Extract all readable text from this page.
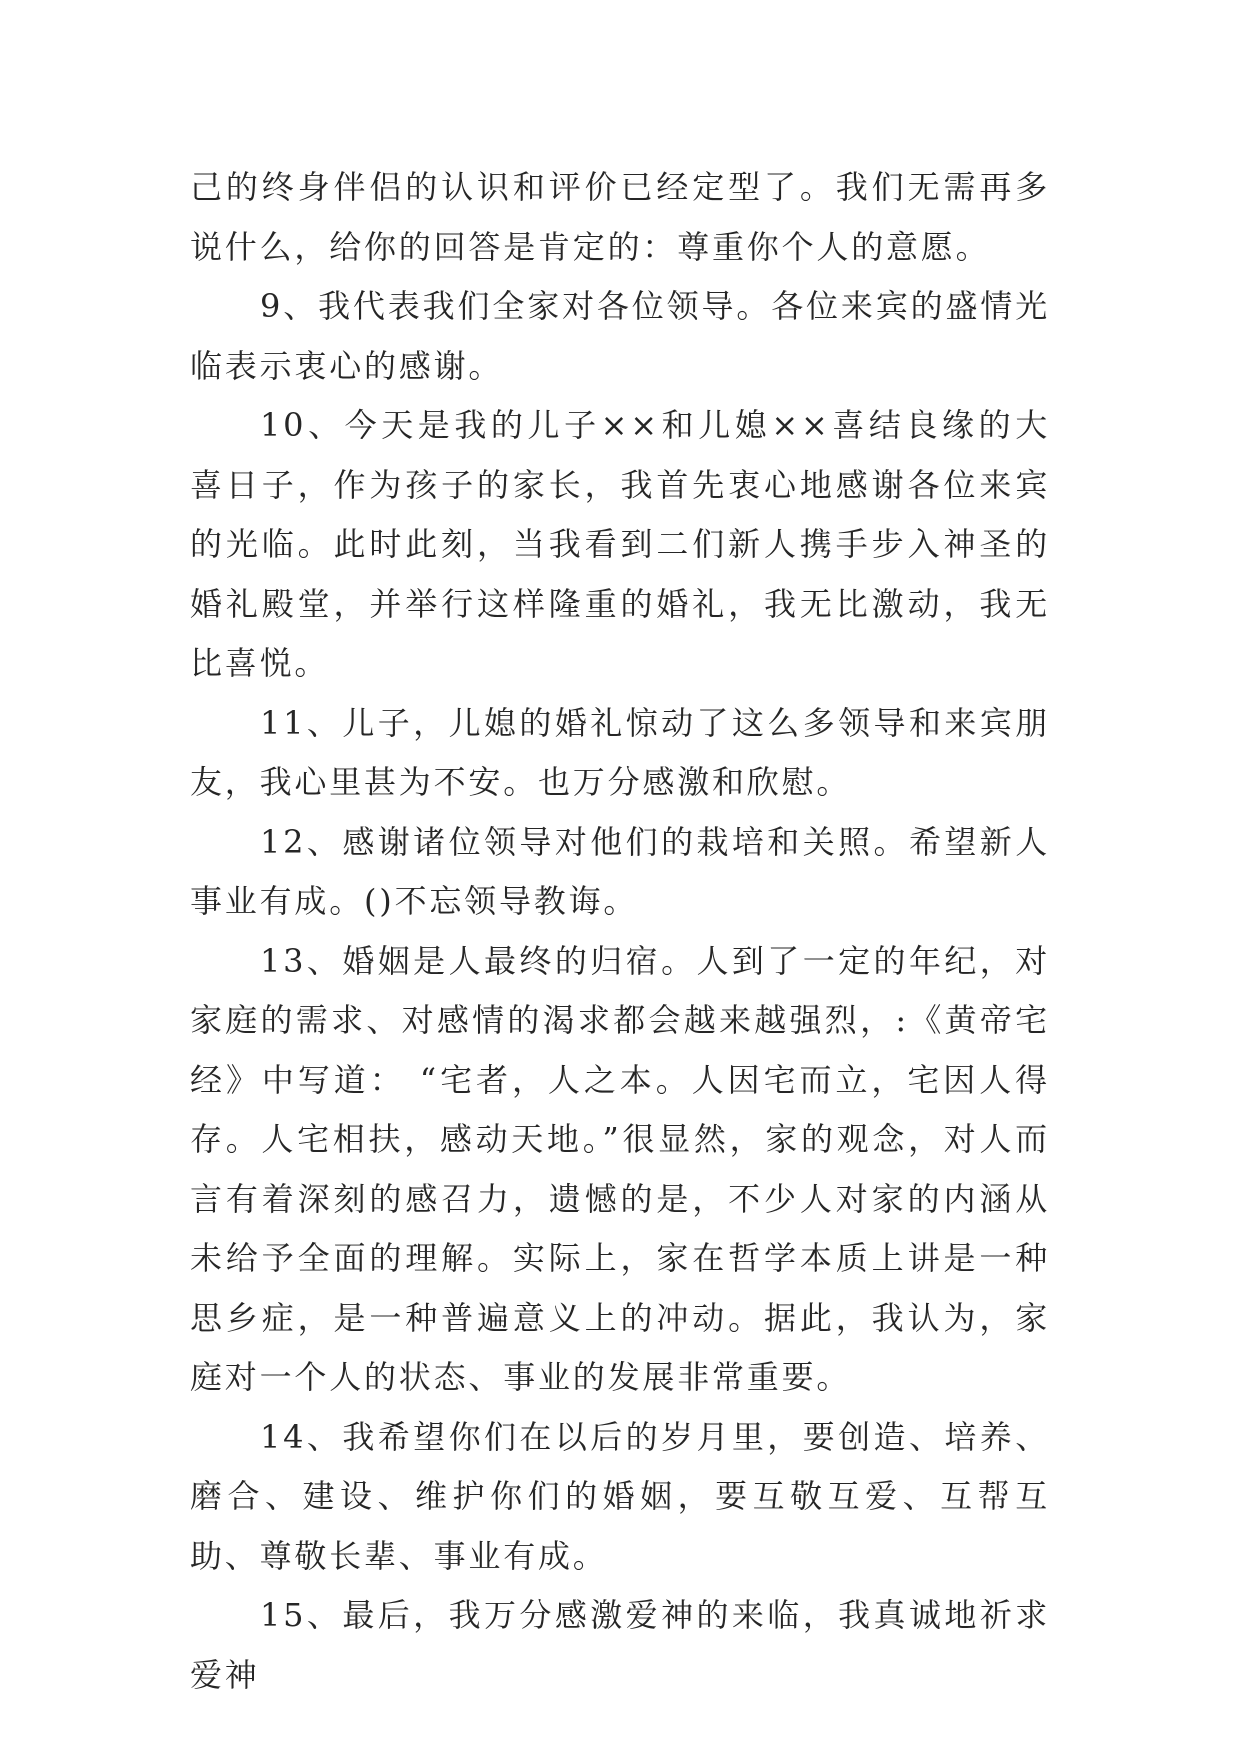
己的终身伴侣的认识和评价已经定型了。我们无需再多说什么，给你的回答是肯定的：尊重你个人的意愿。

9、我代表我们全家对各位领导。各位来宾的盛情光临表示衷心的感谢。

10、今天是我的儿子××和儿媳××喜结良缘的大喜日子，作为孩子的家长，我首先衷心地感谢各位来宾的光临。此时此刻，当我看到二们新人携手步入神圣的婚礼殿堂，并举行这样隆重的婚礼，我无比激动，我无比喜悦。

11、儿子，儿媳的婚礼惊动了这么多领导和来宾朋友，我心里甚为不安。也万分感激和欣慰。

12、感谢诸位领导对他们的栽培和关照。希望新人事业有成。()不忘领导教诲。

13、婚姻是人最终的归宿。人到了一定的年纪，对家庭的需求、对感情的渴求都会越来越强烈，:《黄帝宅经》中写道： “宅者，人之本。人因宅而立，宅因人得存。人宅相扶，感动天地。”很显然，家的观念，对人而言有着深刻的感召力，遗憾的是，不少人对家的内涵从未给予全面的理解。实际上，家在哲学本质上讲是一种思乡症，是一种普遍意义上的冲动。据此，我认为，家庭对一个人的状态、事业的发展非常重要。

14、我希望你们在以后的岁月里，要创造、培养、磨合、建设、维护你们的婚姻，要互敬互爱、互帮互助、尊敬长辈、事业有成。

15、最后，我万分感激爱神的来临，我真诚地祈求爱神
